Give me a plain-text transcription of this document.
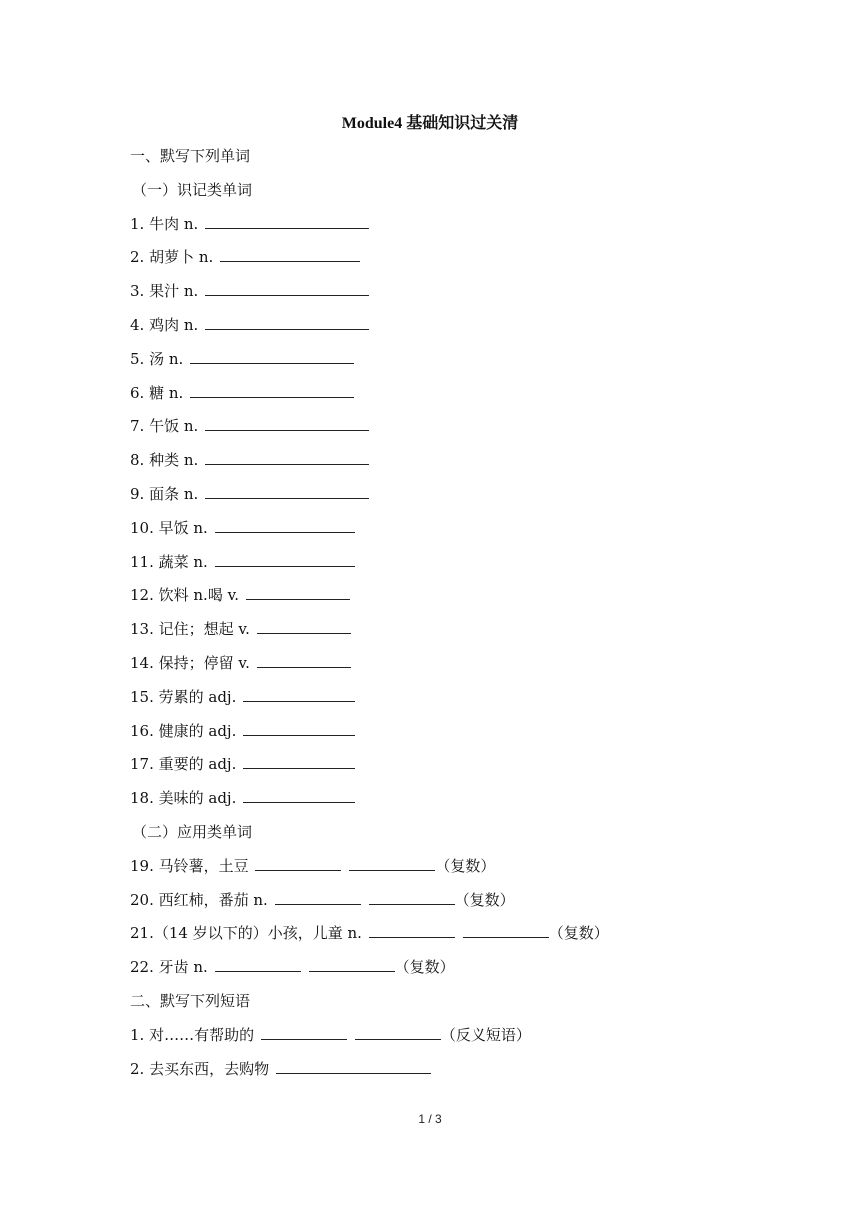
Module4 基础知识过关清
一、默写下列单词
（一）识记类单词
1. 牛肉 n.
2. 胡萝卜 n.
3. 果汁 n.
4. 鸡肉 n.
5. 汤 n.
6. 糖 n.
7. 午饭 n.
8. 种类 n.
9. 面条 n.
10. 早饭 n.
11. 蔬菜 n.
12. 饮料 n.喝 v.
13. 记住；想起 v.
14. 保持；停留 v.
15. 劳累的 adj.
16. 健康的 adj.
17. 重要的 adj.
18. 美味的 adj.
（二）应用类单词
19. 马铃薯，土豆	（复数）
20. 西红柿，番茄 n.	（复数）
21.（14 岁以下的）小孩，儿童 n.	（复数）
22. 牙齿 n.	（复数）
二、默写下列短语
1. 对……有帮助的	（反义短语）
2. 去买东西，去购物
1 / 3
